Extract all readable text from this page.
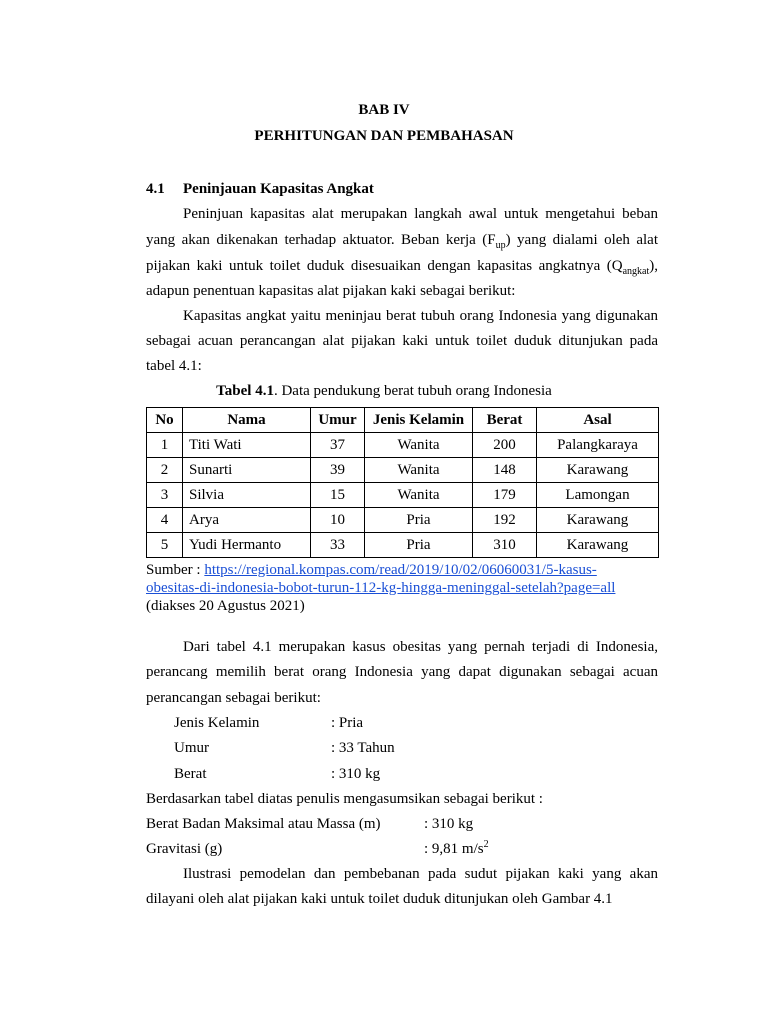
BAB IV

PERHITUNGAN DAN PEMBAHASAN

4.1 Peninjauan Kapasitas Angkat

Peninjuan kapasitas alat merupakan langkah awal untuk mengetahui beban

yang akan dikenakan terhadap aktuator. Beban kerja $(F_{up})$ yang dialami oleh alat

pijakan kaki untuk toilet duduk disesuaikan dengan kapasitas angkatnya $(Q_{angkat})$,

adapun penentuan kapasitas alat pijakan kaki sebagai berikut:

Kapasitas angkat yaitu meninjau berat tubuh orang Indonesia yang digunakan

sebagai acuan perancangan alat pijakan kaki untuk toilet duduk ditunjukan pada

tabel 4.1:

Tabel 4.1. Data pendukung berat tubuh orang Indonesia

No	Nama	Umur	Jenis Kelamin	Berat	Asal
1	Titi Wati	37	Wanita	200	Palangkaraya
2	Sunarti	39	Wanita	148	Karawang
3	Silvia	15	Wanita	179	Lamongan
4	Arya	10	Pria	192	Karawang
5	Yudi Hermanto	33	Pria	310	Karawang

Sumber : https://regional.kompas.com/read/2019/10/02/06060031/5-kasus-

obesitas-di-indonesia-bobot-turun-112-kg-hingga-meninggal-setelah?page=all

(diakses 20 Agustus 2021)

Dari tabel 4.1 merupakan kasus obesitas yang pernah terjadi di Indonesia,

perancang memilih berat orang Indonesia yang dapat digunakan sebagai acuan

perancangan sebagai berikut:

Jenis Kelamin	: Pria

Umur	: 33 Tahun

Berat	: 310 kg

Berdasarkan tabel diatas penulis mengasumsikan sebagai berikut :

Berat Badan Maksimal atau Massa (m)	: 310 kg

Gravitasi (g)	: 9,81 $m/s^2$

Ilustrasi pemodelan dan pembebanan pada sudut pijakan kaki yang akan

dilayani oleh alat pijakan kaki untuk toilet duduk ditunjukan oleh Gambar 4.1
